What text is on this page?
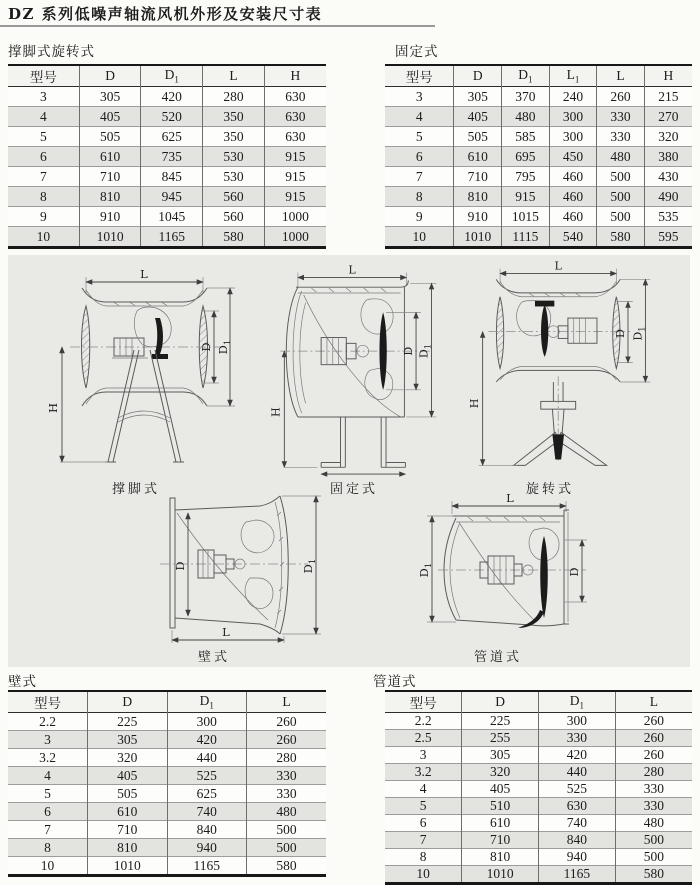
DZ 系列低噪声轴流风机外形及安装尺寸表
撑脚式旋转式	固定式
型号	D	$D_1$	L	H
3	305	420	280	630
4	405	520	350	630
5	505	625	350	630
6	610	735	530	915
7	710	845	530	915
8	810	945	560	915
9	910	1045	560	1000
10	1010	1165	580	1000
型号	D	$D_1$	$L_1$	L	H
3	305	370	240	260	215
4	405	480	300	330	270
5	505	585	300	330	320
6	610	695	450	480	380
7	710	795	460	500	430
8	810	915	460	500	490
9	910	1015	460	500	535
10	1010	1115	540	580	595
L
H
D $D_1$
L
H
D $D_1$
L
H
D $D_1$
撑脚式	固定式	旋转式
D	$D_1$
L
L
$D_1$
D
壁式	管道式
壁式	管道式
型号	D	$D_1$	L
2.2	225	300	260
3	305	420	260
3.2	320	440	280
4	405	525	330
5	505	625	330
6	610	740	480
7	710	840	500
8	810	940	500
10	1010	1165	580
型号	D	$D_1$	L
2.2	225	300	260
2.5	255	330	260
3	305	420	260
3.2	320	440	280
4	405	525	330
5	510	630	330
6	610	740	480
7	710	840	500
8	810	940	500
10	1010	1165	580
